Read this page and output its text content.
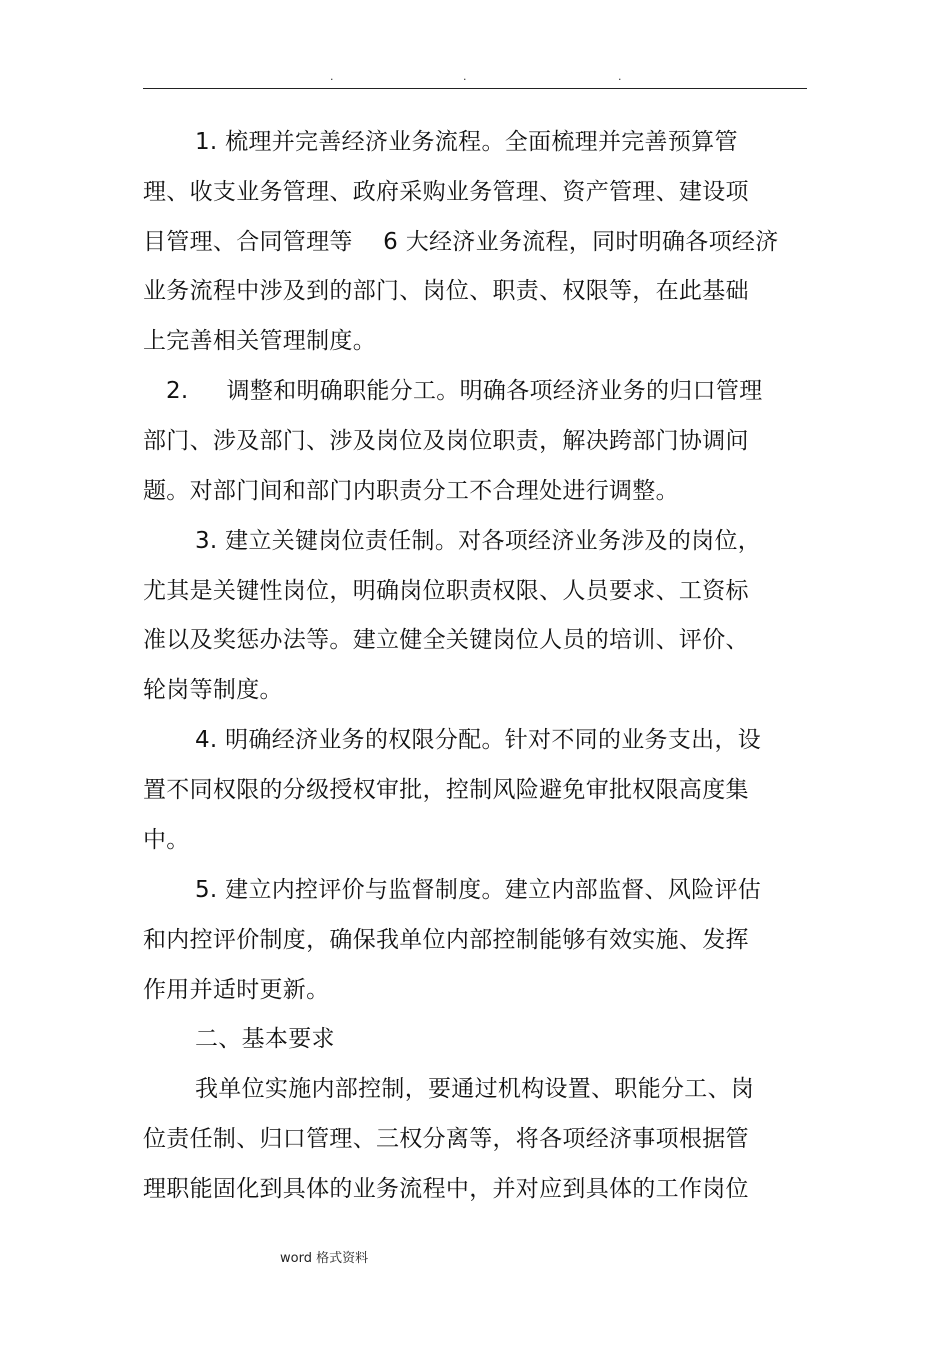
.	.	.
1. 梳理并完善经济业务流程。全面梳理并完善预算管
理、收支业务管理、政府采购业务管理、资产管理、建设项
目管理、合同管理等    6 大经济业务流程，同时明确各项经济
业务流程中涉及到的部门、岗位、职责、权限等，在此基础
上完善相关管理制度。
2.     调整和明确职能分工。明确各项经济业务的归口管理
部门、涉及部门、涉及岗位及岗位职责，解决跨部门协调问
题。对部门间和部门内职责分工不合理处进行调整。
3. 建立关键岗位责任制。对各项经济业务涉及的岗位，
尤其是关键性岗位，明确岗位职责权限、人员要求、工资标
准以及奖惩办法等。建立健全关键岗位人员的培训、评价、
轮岗等制度。
4. 明确经济业务的权限分配。针对不同的业务支出，设
置不同权限的分级授权审批，控制风险避免审批权限高度集
中。
5. 建立内控评价与监督制度。建立内部监督、风险评估
和内控评价制度，确保我单位内部控制能够有效实施、发挥
作用并适时更新。
二、基本要求
我单位实施内部控制，要通过机构设置、职能分工、岗
位责任制、归口管理、三权分离等，将各项经济事项根据管
理职能固化到具体的业务流程中，并对应到具体的工作岗位
word 格式资料
